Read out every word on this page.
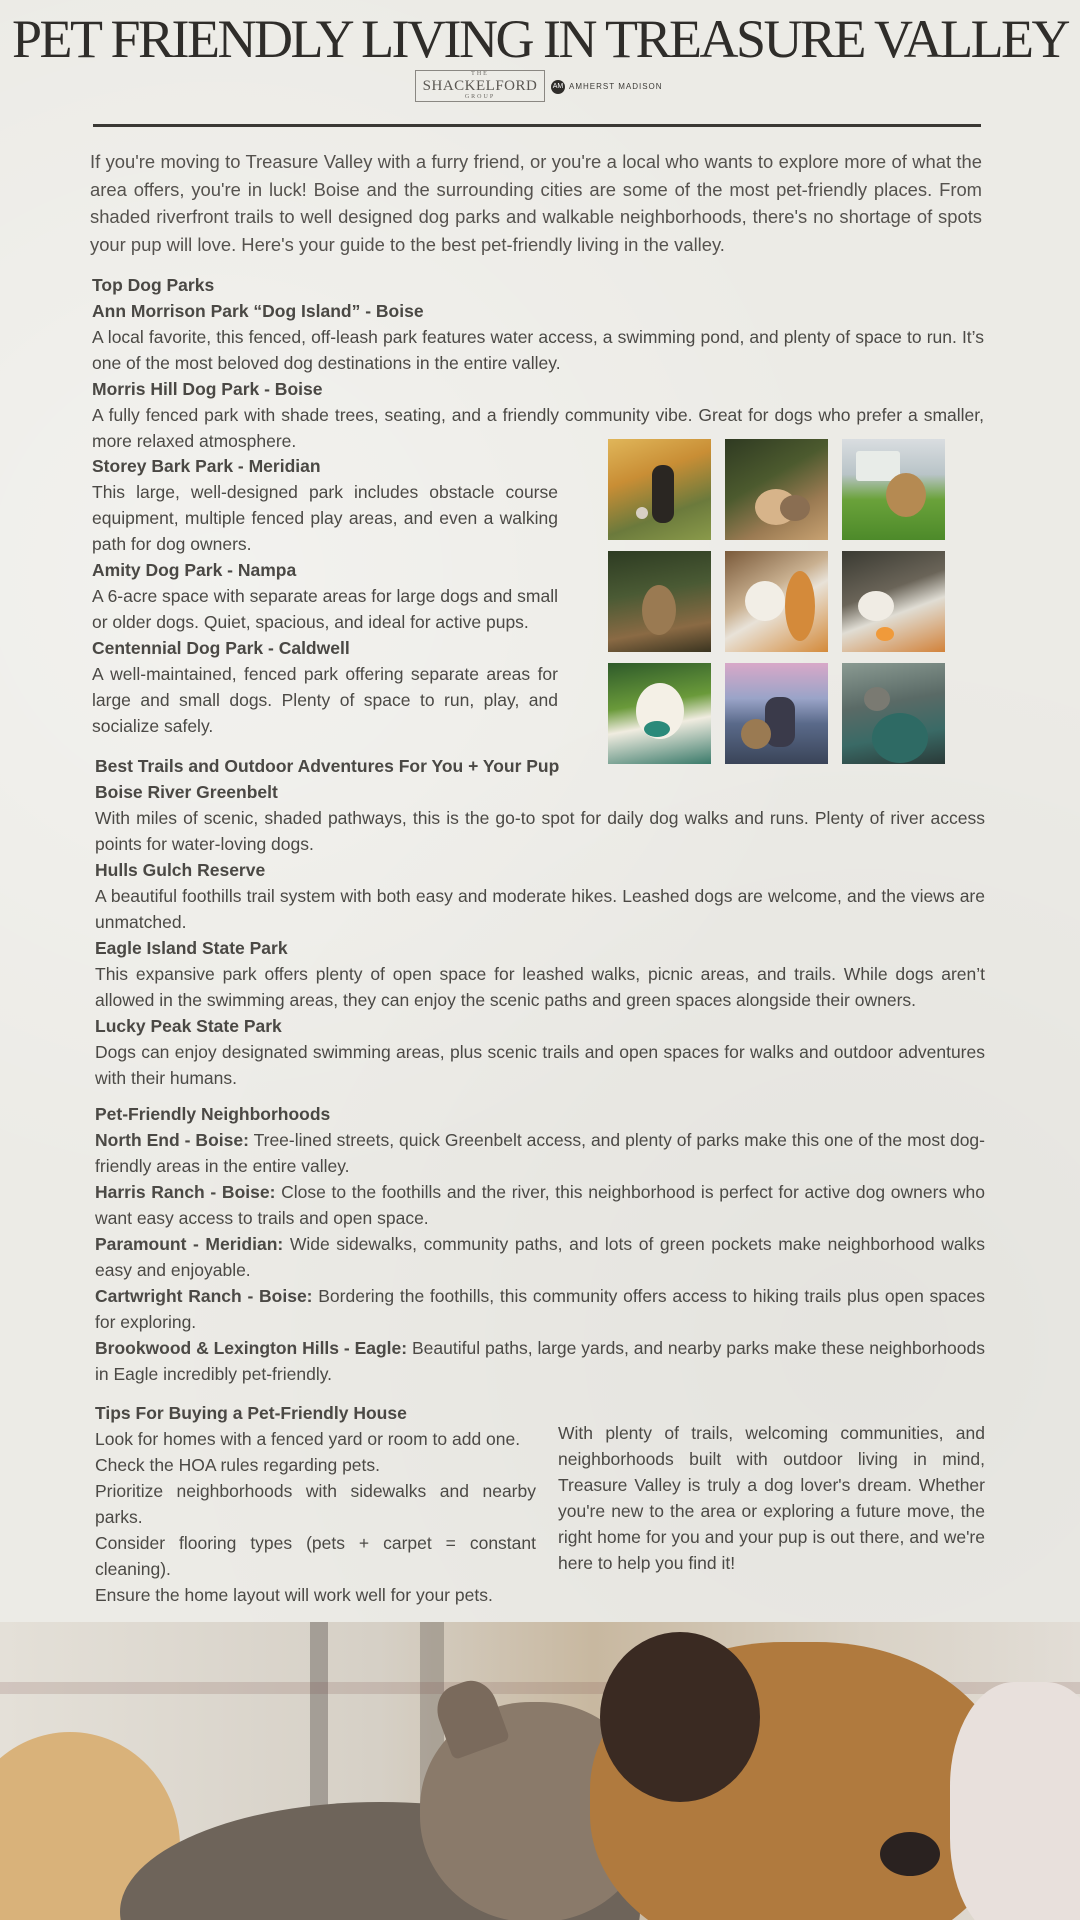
PET FRIENDLY LIVING IN TREASURE VALLEY
THE
SHACKELFORD
GROUP
AM AMHERST MADISON

If you're moving to Treasure Valley with a furry friend, or you're a local who wants to explore more of what the area offers, you're in luck! Boise and the surrounding cities are some of the most pet-friendly places. From shaded riverfront trails to well designed dog parks and walkable neighborhoods, there's no shortage of spots your pup will love. Here's your guide to the best pet-friendly living in the valley.

Top Dog Parks

Ann Morrison Park “Dog Island” - Boise

A local favorite, this fenced, off-leash park features water access, a swimming pond, and plenty of space to run. It’s one of the most beloved dog destinations in the entire valley.

Morris Hill Dog Park - Boise

A fully fenced park with shade trees, seating, and a friendly community vibe. Great for dogs who prefer a smaller, more relaxed atmosphere.

Storey Bark Park - Meridian

This large, well-designed park includes obstacle course equipment, multiple fenced play areas, and even a walking path for dog owners.

Amity Dog Park - Nampa

A 6-acre space with separate areas for large dogs and small or older dogs. Quiet, spacious, and ideal for active pups.

Centennial Dog Park - Caldwell

A well-maintained, fenced park offering separate areas for large and small dogs. Plenty of space to run, play, and socialize safely.

Best Trails and Outdoor Adventures For You + Your Pup

Boise River Greenbelt

With miles of scenic, shaded pathways, this is the go-to spot for daily dog walks and runs. Plenty of river access points for water-loving dogs.

Hulls Gulch Reserve

A beautiful foothills trail system with both easy and moderate hikes. Leashed dogs are welcome, and the views are unmatched.

Eagle Island State Park

This expansive park offers plenty of open space for leashed walks, picnic areas, and trails. While dogs aren’t allowed in the swimming areas, they can enjoy the scenic paths and green spaces alongside their owners.

Lucky Peak State Park

Dogs can enjoy designated swimming areas, plus scenic trails and open spaces for walks and outdoor adventures with their humans.

Pet-Friendly Neighborhoods

North End - Boise: Tree-lined streets, quick Greenbelt access, and plenty of parks make this one of the most dog-friendly areas in the entire valley.

Harris Ranch - Boise: Close to the foothills and the river, this neighborhood is perfect for active dog owners who want easy access to trails and open space.

Paramount - Meridian: Wide sidewalks, community paths, and lots of green pockets make neighborhood walks easy and enjoyable.

Cartwright Ranch - Boise: Bordering the foothills, this community offers access to hiking trails plus open spaces for exploring.

Brookwood & Lexington Hills - Eagle: Beautiful paths, large yards, and nearby parks make these neighborhoods in Eagle incredibly pet-friendly.

Tips For Buying a Pet-Friendly House

Look for homes with a fenced yard or room to add one.

Check the HOA rules regarding pets.

Prioritize neighborhoods with sidewalks and nearby parks.

Consider flooring types (pets + carpet = constant cleaning).

Ensure the home layout will work well for your pets.

With plenty of trails, welcoming communities, and neighborhoods built with outdoor living in mind, Treasure Valley is truly a dog lover's dream. Whether you're new to the area or exploring a future move, the right home for you and your pup is out there, and we're here to help you find it!
